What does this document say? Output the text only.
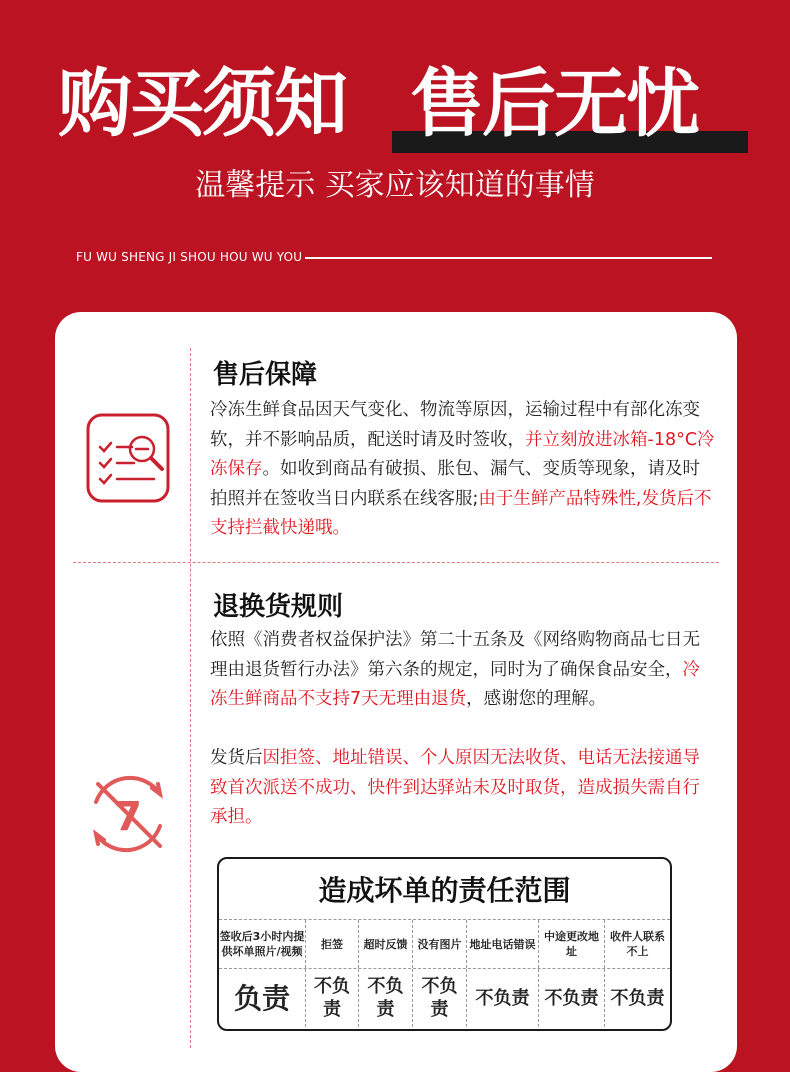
购买须知 售后无忧
温馨提示 买家应该知道的事情
FU WU SHENG JI SHOU HOU WU YOU
售后保障
冷冻生鲜食品因天气变化、物流等原因，运输过程中有部化冻变软，并不影响品质，配送时请及时签收，并立刻放进冰箱-18°C冷冻保存。如收到商品有破损、胀包、漏气、变质等现象，请及时拍照并在签收当日内联系在线客服;由于生鲜产品特殊性,发货后不支持拦截快递哦。
7
退换货规则
依照《消费者权益保护法》第二十五条及《网络购物商品七日无理由退货暂行办法》第六条的规定，同时为了确保食品安全，冷冻生鲜商品不支持7天无理由退货，感谢您的理解。
发货后因拒签、地址错误、个人原因无法收货、电话无法接通导致首次派送不成功、快件到达驿站未及时取货，造成损失需自行承担。
造成坏单的责任范围
签收后3小时内提供坏单照片/视频
拒签	超时反馈 没有图片 地址电话错误
中途更改地址
收件人联系不上
负责	不负责
不负责
不负责
不负责 不负责 不负责
